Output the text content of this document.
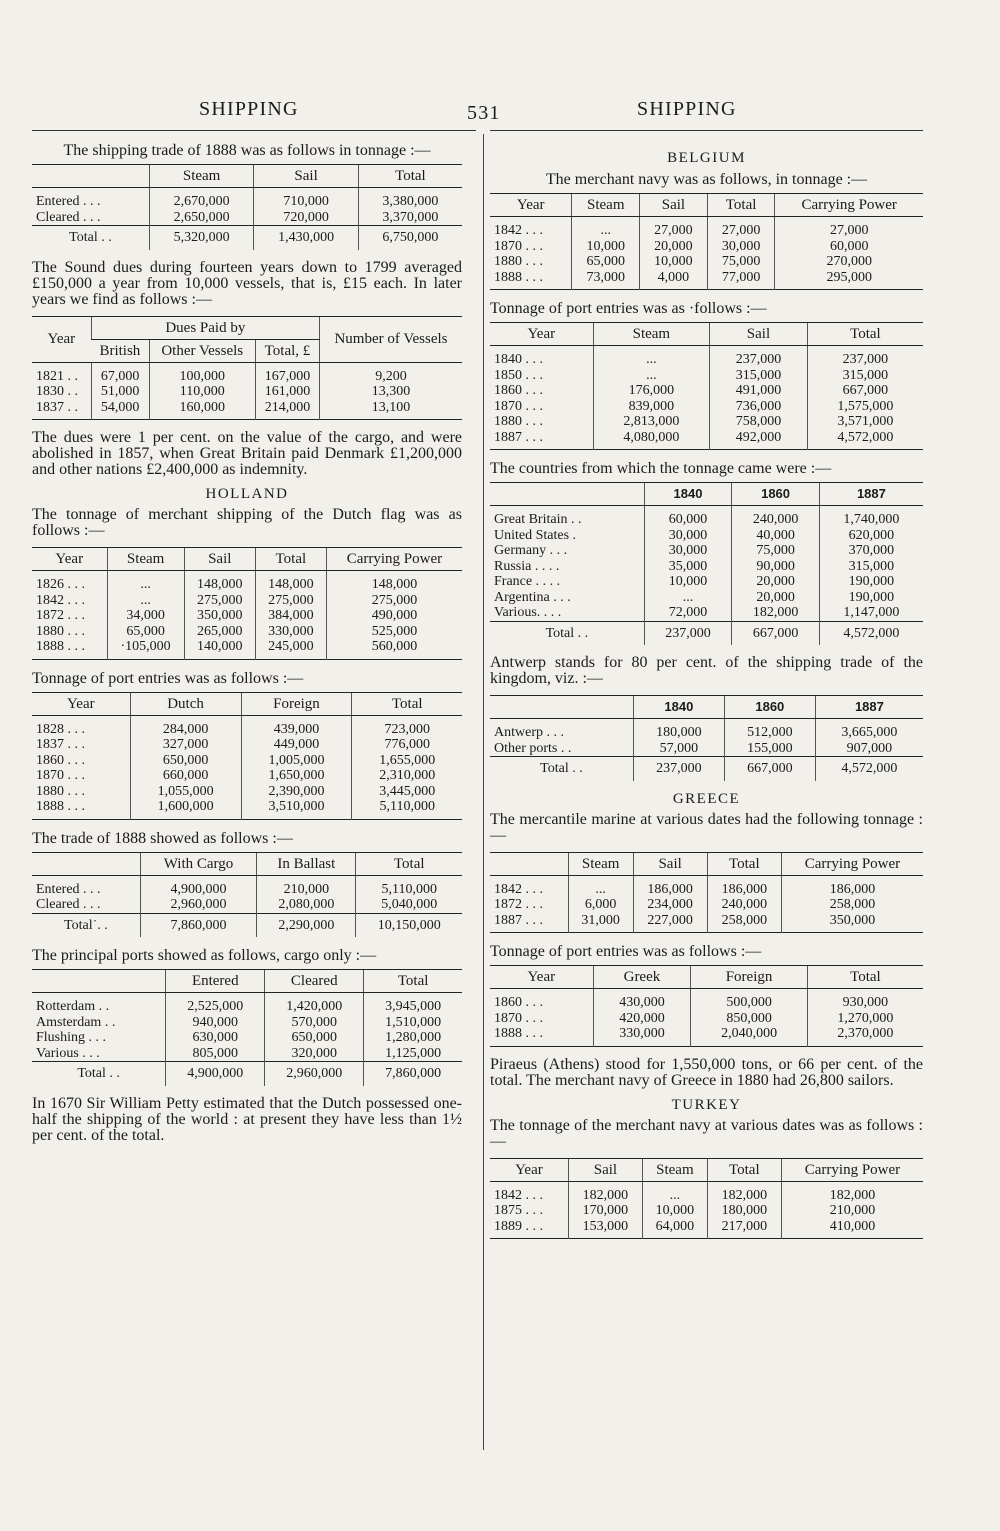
SHIPPING	531	SHIPPING
The shipping trade of 1888 was as follows in tonnage :—
	Steam	Sail	Total
Entered . . .	2,670,000	710,000	3,380,000
Cleared . . .	2,650,000	720,000	3,370,000
Total . .	5,320,000	1,430,000	6,750,000
The Sound dues during fourteen years down to 1799 averaged £150,000 a year from 10,000 vessels, that is, £15 each. In later years we find as follows :—
Year	Dues Paid by			Number of Vessels
	British	Other Vessels	Total, £	
1821 . .	67,000	100,000	167,000	9,200
1830 . .	51,000	110,000	161,000	13,300
1837 . .	54,000	160,000	214,000	13,100
The dues were 1 per cent. on the value of the cargo, and were abolished in 1857, when Great Britain paid Denmark £1,200,000 and other nations £2,400,000 as indemnity.
HOLLAND
The tonnage of merchant shipping of the Dutch flag was as follows :—
Year	Steam	Sail	Total	Carrying Power
1826 . . .	...	148,000	148,000	148,000
1842 . . .	...	275,000	275,000	275,000
1872 . . .	34,000	350,000	384,000	490,000
1880 . . .	65,000	265,000	330,000	525,000
1888 . . .	·105,000	140,000	245,000	560,000
Tonnage of port entries was as follows :—
Year	Dutch	Foreign	Total
1828 . . .	284,000	439,000	723,000
1837 . . .	327,000	449,000	776,000
1860 . . .	650,000	1,005,000	1,655,000
1870 . . .	660,000	1,650,000	2,310,000
1880 . . .	1,055,000	2,390,000	3,445,000
1888 . . .	1,600,000	3,510,000	5,110,000
The trade of 1888 showed as follows :—
	With Cargo	In Ballast	Total
Entered . . .	4,900,000	210,000	5,110,000
Cleared . . .	2,960,000	2,080,000	5,040,000
Total˙. .	7,860,000	2,290,000	10,150,000
The principal ports showed as follows, cargo only :—
	Entered	Cleared	Total
Rotterdam . .	2,525,000	1,420,000	3,945,000
Amsterdam . .	940,000	570,000	1,510,000
Flushing . . .	630,000	650,000	1,280,000
Various . . .	805,000	320,000	1,125,000
Total . .	4,900,000	2,960,000	7,860,000
In 1670 Sir William Petty estimated that the Dutch possessed one-half the shipping of the world : at present they have less than 1½ per cent. of the total.
BELGIUM
The merchant navy was as follows, in tonnage :—
Year	Steam	Sail	Total	Carrying Power
1842 . . .	...	27,000	27,000	27,000
1870 . . .	10,000	20,000	30,000	60,000
1880 . . .	65,000	10,000	75,000	270,000
1888 . . .	73,000	4,000	77,000	295,000
Tonnage of port entries was as ·follows :—
Year	Steam	Sail	Total
1840 . . .	...	237,000	237,000
1850 . . .	...	315,000	315,000
1860 . . .	176,000	491,000	667,000
1870 . . .	839,000	736,000	1,575,000
1880 . . .	2,813,000	758,000	3,571,000
1887 . . .	4,080,000	492,000	4,572,000
The countries from which the tonnage came were :—
	1840	1860	1887
Great Britain . .	60,000	240,000	1,740,000
United States .	30,000	40,000	620,000
Germany . . .	30,000	75,000	370,000
Russia . . . .	35,000	90,000	315,000
France . . . .	10,000	20,000	190,000
Argentina . . .	...	20,000	190,000
Various. . . .	72,000	182,000	1,147,000
Total . .	237,000	667,000	4,572,000
Antwerp stands for 80 per cent. of the shipping trade of the kingdom, viz. :—
	1840	1860	1887
Antwerp . . .	180,000	512,000	3,665,000
Other ports . .	57,000	155,000	907,000
Total . .	237,000	667,000	4,572,000
GREECE
The mercantile marine at various dates had the following tonnage :—
	Steam	Sail	Total	Carrying Power
1842 . . .	...	186,000	186,000	186,000
1872 . . .	6,000	234,000	240,000	258,000
1887 . . .	31,000	227,000	258,000	350,000
Tonnage of port entries was as follows :—
Year	Greek	Foreign	Total
1860 . . .	430,000	500,000	930,000
1870 . . .	420,000	850,000	1,270,000
1888 . . .	330,000	2,040,000	2,370,000
Piraeus (Athens) stood for 1,550,000 tons, or 66 per cent. of the total. The merchant navy of Greece in 1880 had 26,800 sailors.
TURKEY
The tonnage of the merchant navy at various dates was as follows :—
Year	Sail	Steam	Total	Carrying Power
1842 . . .	182,000	...	182,000	182,000
1875 . . .	170,000	10,000	180,000	210,000
1889 . . .	153,000	64,000	217,000	410,000
